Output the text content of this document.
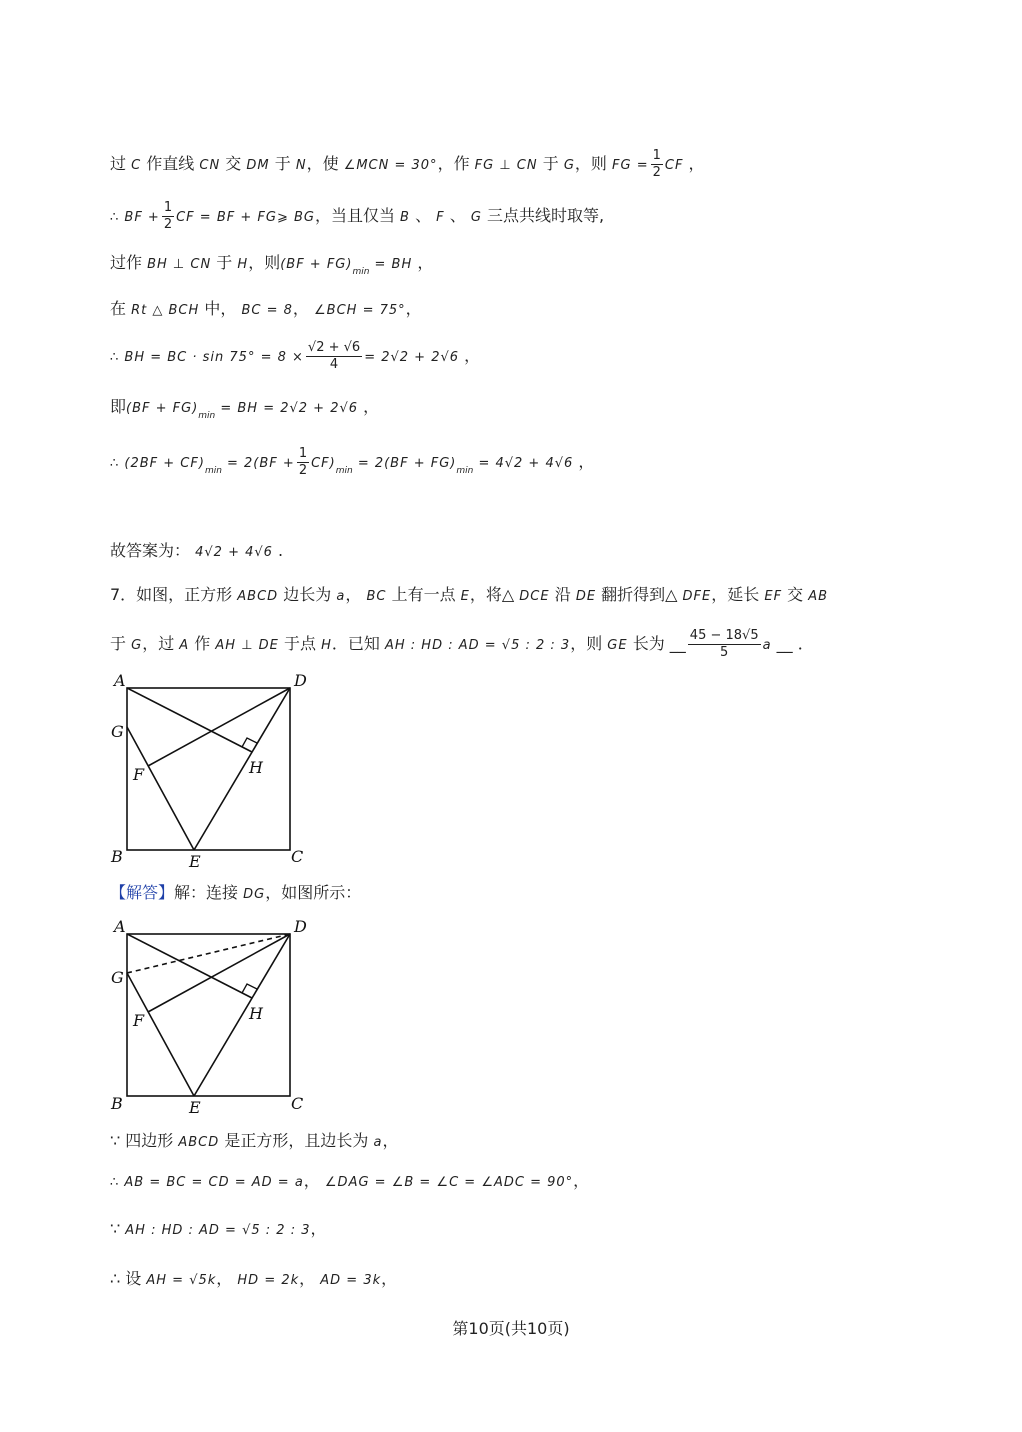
过 C 作直线 CN 交 DM 于 N，使 ∠MCN = 30°，作 FG ⊥ CN 于 G，则 FG = $\frac{1}{2}$ CF ，
∴ BF + $\frac{1}{2}$ CF = BF + FG⩾ BG，当且仅当 B 、 F 、 G 三点共线时取等,
过作 BH ⊥ CN 于 H，则$(BF + FG)_{min}$ = BH ，
在 Rt △ BCH 中， BC = 8， ∠BCH = 75°，
∴ BH = BC · $\sin 75^\circ = 8 \times \frac{√2 + √6}{4} = 2√2 + 2√6$ ，
即$(BF + FG)_{min}$ = BH = 2√2 + 2√6 ，
∴ $(2BF + CF)_{min} = 2(BF + \frac{1}{2} CF)_{min} = 2(BF + FG)_{min} = 4√2 + 4√6$ ，
故答案为： 4√2 + 4√6 .
7．如图，正方形 ABCD 边长为 a， BC 上有一点 E，将△ DCE 沿 DE 翻折得到△ DFE，延长 EF 交 AB
于 G，过 A 作 AH ⊥ DE 于点 H．已知 AH : HD : AD = √5 : 2 : 3，则 GE 长为 __ $\frac{45 - 18√5}{5}$ a __ ．
A	D
G
F	H
B	E	C
【解答】解：连接 DG，如图所示：
A	D
G
F	H
B	E	C
∵ 四边形 ABCD 是正方形，且边长为 a，
∴ AB = BC = CD = AD = a， ∠DAG = ∠B = ∠C = ∠ADC = 90°，
∵ AH : HD : AD = √5 : 2 : 3，
∴ 设 AH = √5k， HD = 2k， AD = 3k，
第10页(共10页)
